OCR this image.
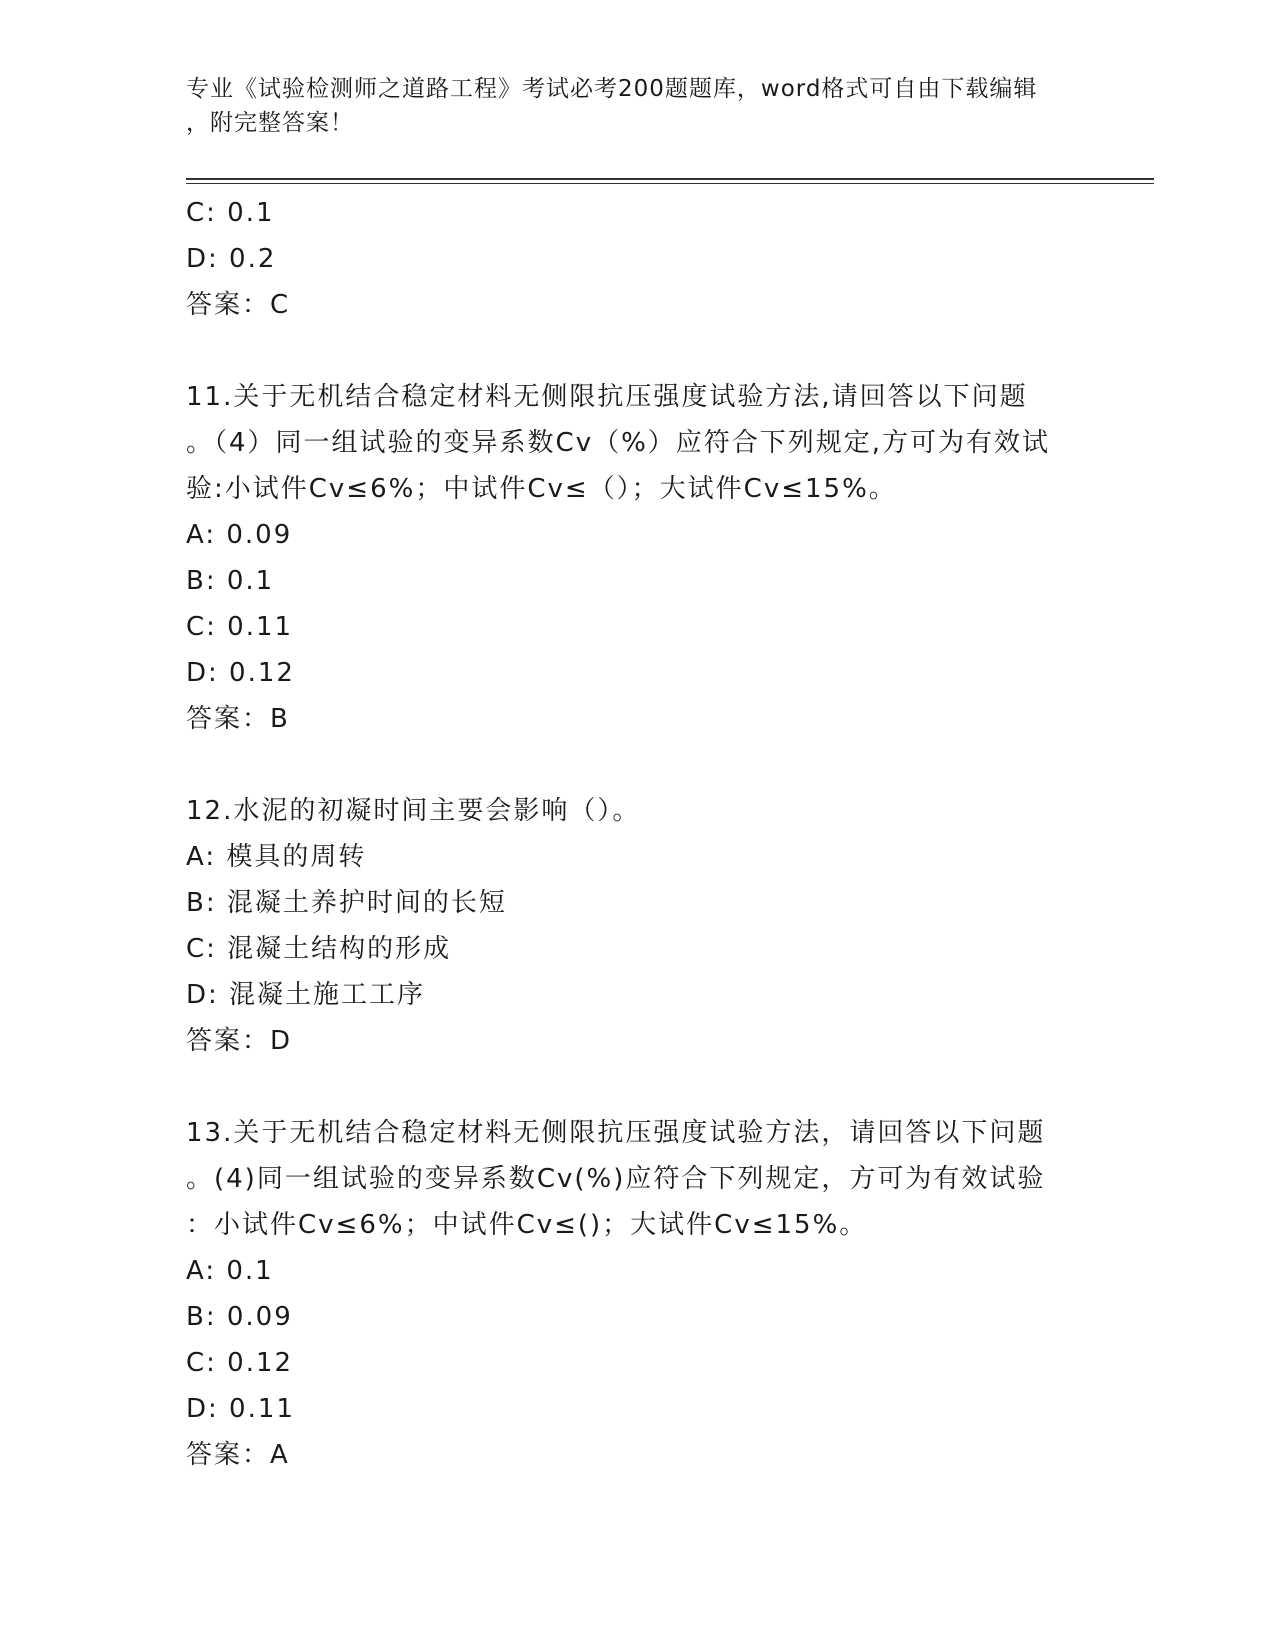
专业《试验检测师之道路工程》考试必考200题题库，word格式可自由下载编辑
，附完整答案！
C: 0.1
D: 0.2
答案：C
11.关于无机结合稳定材料无侧限抗压强度试验方法,请回答以下问题
。（4）同一组试验的变异系数Cv（%）应符合下列规定,方可为有效试
验:小试件Cv≤6%；中试件Cv≤（）；大试件Cv≤15%。
A: 0.09
B: 0.1
C: 0.11
D: 0.12
答案：B
12.水泥的初凝时间主要会影响（）。
A: 模具的周转
B: 混凝土养护时间的长短
C: 混凝土结构的形成
D: 混凝土施工工序
答案：D
13.关于无机结合稳定材料无侧限抗压强度试验方法，请回答以下问题
。(4)同一组试验的变异系数Cv(%)应符合下列规定，方可为有效试验
：小试件Cv≤6%；中试件Cv≤()；大试件Cv≤15%。
A: 0.1
B: 0.09
C: 0.12
D: 0.11
答案：A
